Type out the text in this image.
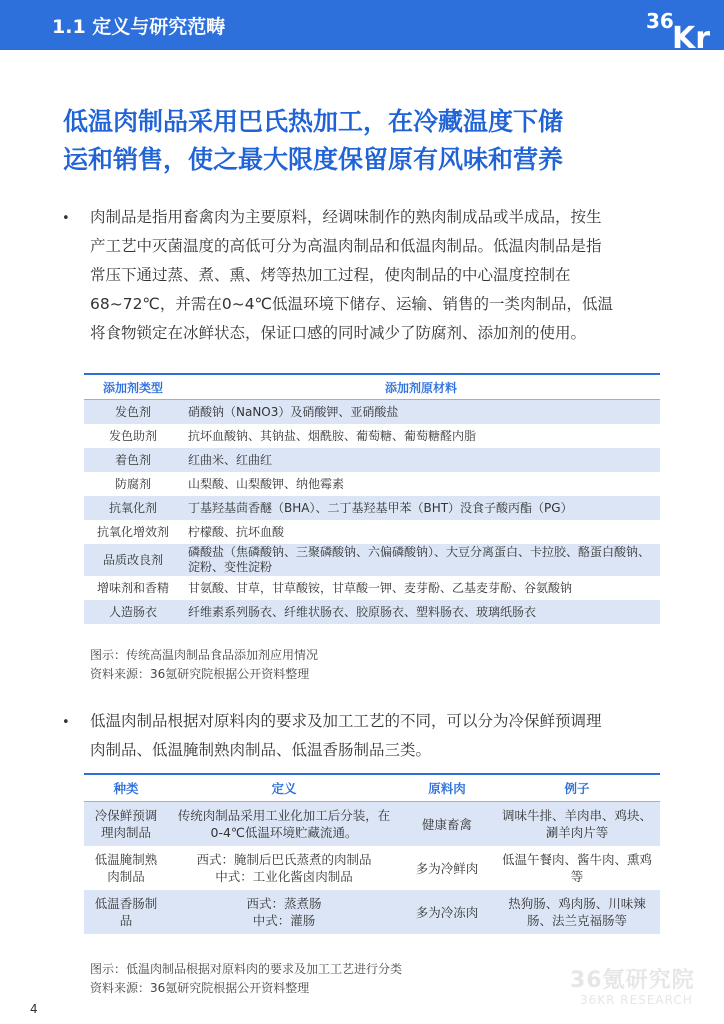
1.1 定义与研究范畴	36
Kr
低温肉制品采用巴氏热加工，在冷藏温度下储
运和销售，使之最大限度保留原有风味和营养
• 肉制品是指用畜禽肉为主要原料，经调味制作的熟肉制成品或半成品，按生
产工艺中灭菌温度的高低可分为高温肉制品和低温肉制品。低温肉制品是指
常压下通过蒸、煮、熏、烤等热加工过程，使肉制品的中心温度控制在
68~72℃，并需在0~4℃低温环境下储存、运输、销售的一类肉制品，低温
将食物锁定在冰鲜状态，保证口感的同时减少了防腐剂、添加剂的使用。
添加剂类型	添加剂原材料
发色剂	硝酸钠（NaNO3）及硝酸钾、亚硝酸盐
发色助剂	抗坏血酸钠、其钠盐、烟酰胺、葡萄糖、葡萄糖醛内脂
着色剂	红曲米、红曲红
防腐剂	山梨酸、山梨酸钾、纳他霉素
抗氧化剂	丁基羟基茴香醚（BHA）、二丁基羟基甲苯（BHT）没食子酸丙酯（PG）
抗氧化增效剂	柠檬酸、抗坏血酸
品质改良剂	磷酸盐（焦磷酸钠、三聚磷酸钠、六偏磷酸钠）、大豆分离蛋白、卡拉胶、酪蛋白酸钠、淀粉、变性淀粉
增味剂和香精	甘氨酸、甘草，甘草酸铵，甘草酸一钾、麦芽酚、乙基麦芽酚、谷氨酸钠
人造肠衣	纤维素系列肠衣、纤维状肠衣、胶原肠衣、塑料肠衣、玻璃纸肠衣
图示：传统高温肉制品食品添加剂应用情况
资料来源：36氪研究院根据公开资料整理
• 低温肉制品根据对原料肉的要求及加工工艺的不同，可以分为冷保鲜预调理
肉制品、低温腌制熟肉制品、低温香肠制品三类。
种类	定义	原料肉	例子
冷保鲜预调理肉制品	传统肉制品采用工业化加工后分装，在0-4℃低温环境贮藏流通。	健康畜禽	调味牛排、羊肉串、鸡块、涮羊肉片等
低温腌制熟肉制品	西式：腌制后巴氏蒸煮的肉制品
中式：工业化酱卤肉制品	多为冷鲜肉	低温午餐肉、酱牛肉、熏鸡等
低温香肠制品	西式：蒸煮肠
中式：灌肠	多为冷冻肉	热狗肠、鸡肉肠、川味辣肠、法兰克福肠等
图示：低温肉制品根据对原料肉的要求及加工工艺进行分类
资料来源：36氪研究院根据公开资料整理	36氪研究院
36KR RESEARCH
4
